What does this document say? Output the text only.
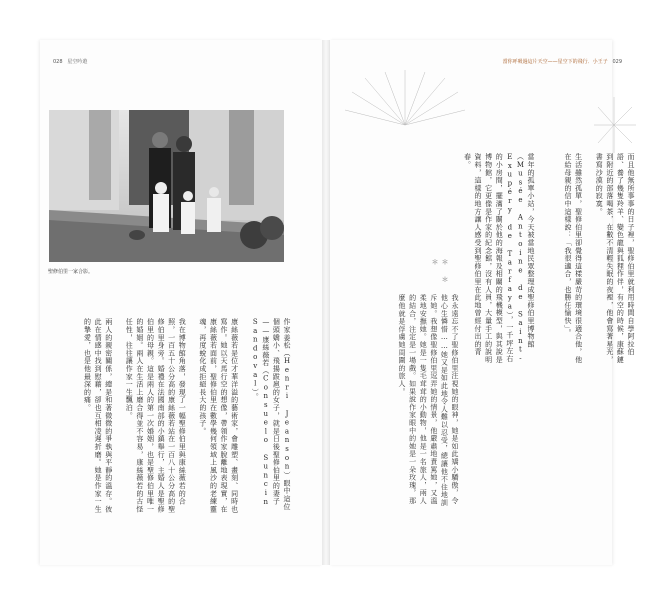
028 星空吟遊	當你呼吸過這片天空——星空下的飛行．小王子 029
聖修伯里一家合影。

作家姜松（Henri Jeanson）眼中這位個頭嬌小、飛揚跋扈的女子，就是日後聖修伯里的妻子——康絲薇若（Consuelo Suncin Sandoval）。

康絲薇若是位才華洋溢的藝術家，會雕塑、畫刻、同時也寫作。她以天馬行空的想像，帶領作家脫離地表現實，在康絲薇若面前，聖修伯里在數學幾何領域上風沙的老練靈魂，再度蛻化成拒絕長大的孩子。

我在博物館角落，發現了一幅聖修伯里與康絲薇若的合照，一百五十公分高的康絲薇若站在一百八十公分高的聖修伯里身旁。婚禮在法國南部的小鎮舉行，主婚人是聖修伯里的母親。這是兩人的第一次婚姻，也是聖修伯里唯一的婚姻。兩人在生活上磨合得並不容易，康絲薇若的古怪任性，往往讓作家一生飄泊。

兩人的親密關係，總是和著微微的爭執與平靜的溫存。彼此在情感中找到慰藉，卻也互相凌遲折磨。她是作家一生的摯愛，也是他最深的痛。

而且他無所事事的日子裡，聖修伯里就利用時間自學阿拉伯語、養了幾隻羚羊、變色龍與狐狸作伴，有空的時候，康蘇鏈到附近的部落喝茶，在數不清輕失眠的夜裡，他會寫著星光，書寫沙漠的寂寞。

生活雖然孤單，聖修伯里卻覺得這樣嚴苛的環境很適合他，他在給母親的信中這樣說：「我很適合，也勝任愉快」。

當年的孤單小站，今天被當地民眾整理成聖修伯里博物館（Musée Antoine de Saint-Exupéry de Tarfaya），一千坪左右的小房間，擺滿了關於他的海報及相關的飛機模型，與其說是博物館，它更像是作家的紀念館，沒有人員，大量手工的說明資料，這樣的地方讓人感受到聖修伯里在此地曾經付出的青春。

＊ ＊ ＊

我永遠忘不了聖修伯里注視她的眼神，她是如此矯小驕傲，令他心生憐惜……她又是如此地令人難以忍受，總讓他不住地訓斥她。我想像聖修伯里逗弄她的情景，他嚴肅地責罵她，又溫柔地安撫她。她是一隻毛茸茸的小動物，他是一名旅人，兩人的結合，注定是一場戲。如果說作家眼中的她是一朵玫瑰，那麼他就是俘虜她周圍的旅人。
